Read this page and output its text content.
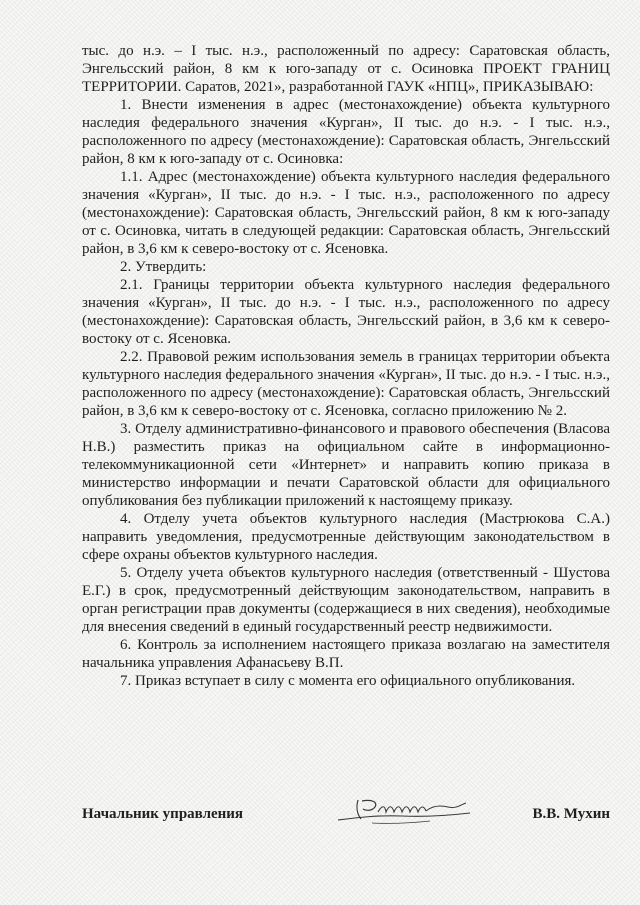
тыс. до н.э. – I тыс. н.э., расположенный по адресу: Саратовская область, Энгельсский район, 8 км к юго-западу от с. Осиновка ПРОЕКТ ГРАНИЦ ТЕРРИТОРИИ. Саратов, 2021», разработанной ГАУК «НПЦ», ПРИКАЗЫВАЮ:

1. Внести изменения в адрес (местонахождение) объекта культурного наследия федерального значения «Курган», II тыс. до н.э. - I тыс. н.э., расположенного по адресу (местонахождение): Саратовская область, Энгельсский район, 8 км к юго-западу от с. Осиновка:

1.1. Адрес (местонахождение) объекта культурного наследия федерального значения «Курган», II тыс. до н.э. - I тыс. н.э., расположенного по адресу (местонахождение): Саратовская область, Энгельсский район, 8 км к юго-западу от с. Осиновка, читать в следующей редакции: Саратовская область, Энгельсский район, в 3,6 км к северо-востоку от с. Ясеновка.

2. Утвердить:

2.1. Границы территории объекта культурного наследия федерального значения «Курган», II тыс. до н.э. - I тыс. н.э., расположенного по адресу (местонахождение): Саратовская область, Энгельсский район, в 3,6 км к северо-востоку от с. Ясеновка.

2.2. Правовой режим использования земель в границах территории объекта культурного наследия федерального значения «Курган», II тыс. до н.э. - I тыс. н.э., расположенного по адресу (местонахождение): Саратовская область, Энгельсский район, в 3,6 км к северо-востоку от с. Ясеновка, согласно приложению № 2.

3. Отделу административно-финансового и правового обеспечения (Власова Н.В.) разместить приказ на официальном сайте в информационно-телекоммуникационной сети «Интернет» и направить копию приказа в министерство информации и печати Саратовской области для официального опубликования без публикации приложений к настоящему приказу.

4. Отделу учета объектов культурного наследия (Мастрюкова С.А.) направить уведомления, предусмотренные действующим законодательством в сфере охраны объектов культурного наследия.

5. Отделу учета объектов культурного наследия (ответственный - Шустова Е.Г.) в срок, предусмотренный действующим законодательством, направить в орган регистрации прав документы (содержащиеся в них сведения), необходимые для внесения сведений в единый государственный реестр недвижимости.

6. Контроль за исполнением настоящего приказа возлагаю на заместителя начальника управления Афанасьеву В.П.

7. Приказ вступает в силу с момента его официального опубликования.

Начальник управления	В.В. Мухин
